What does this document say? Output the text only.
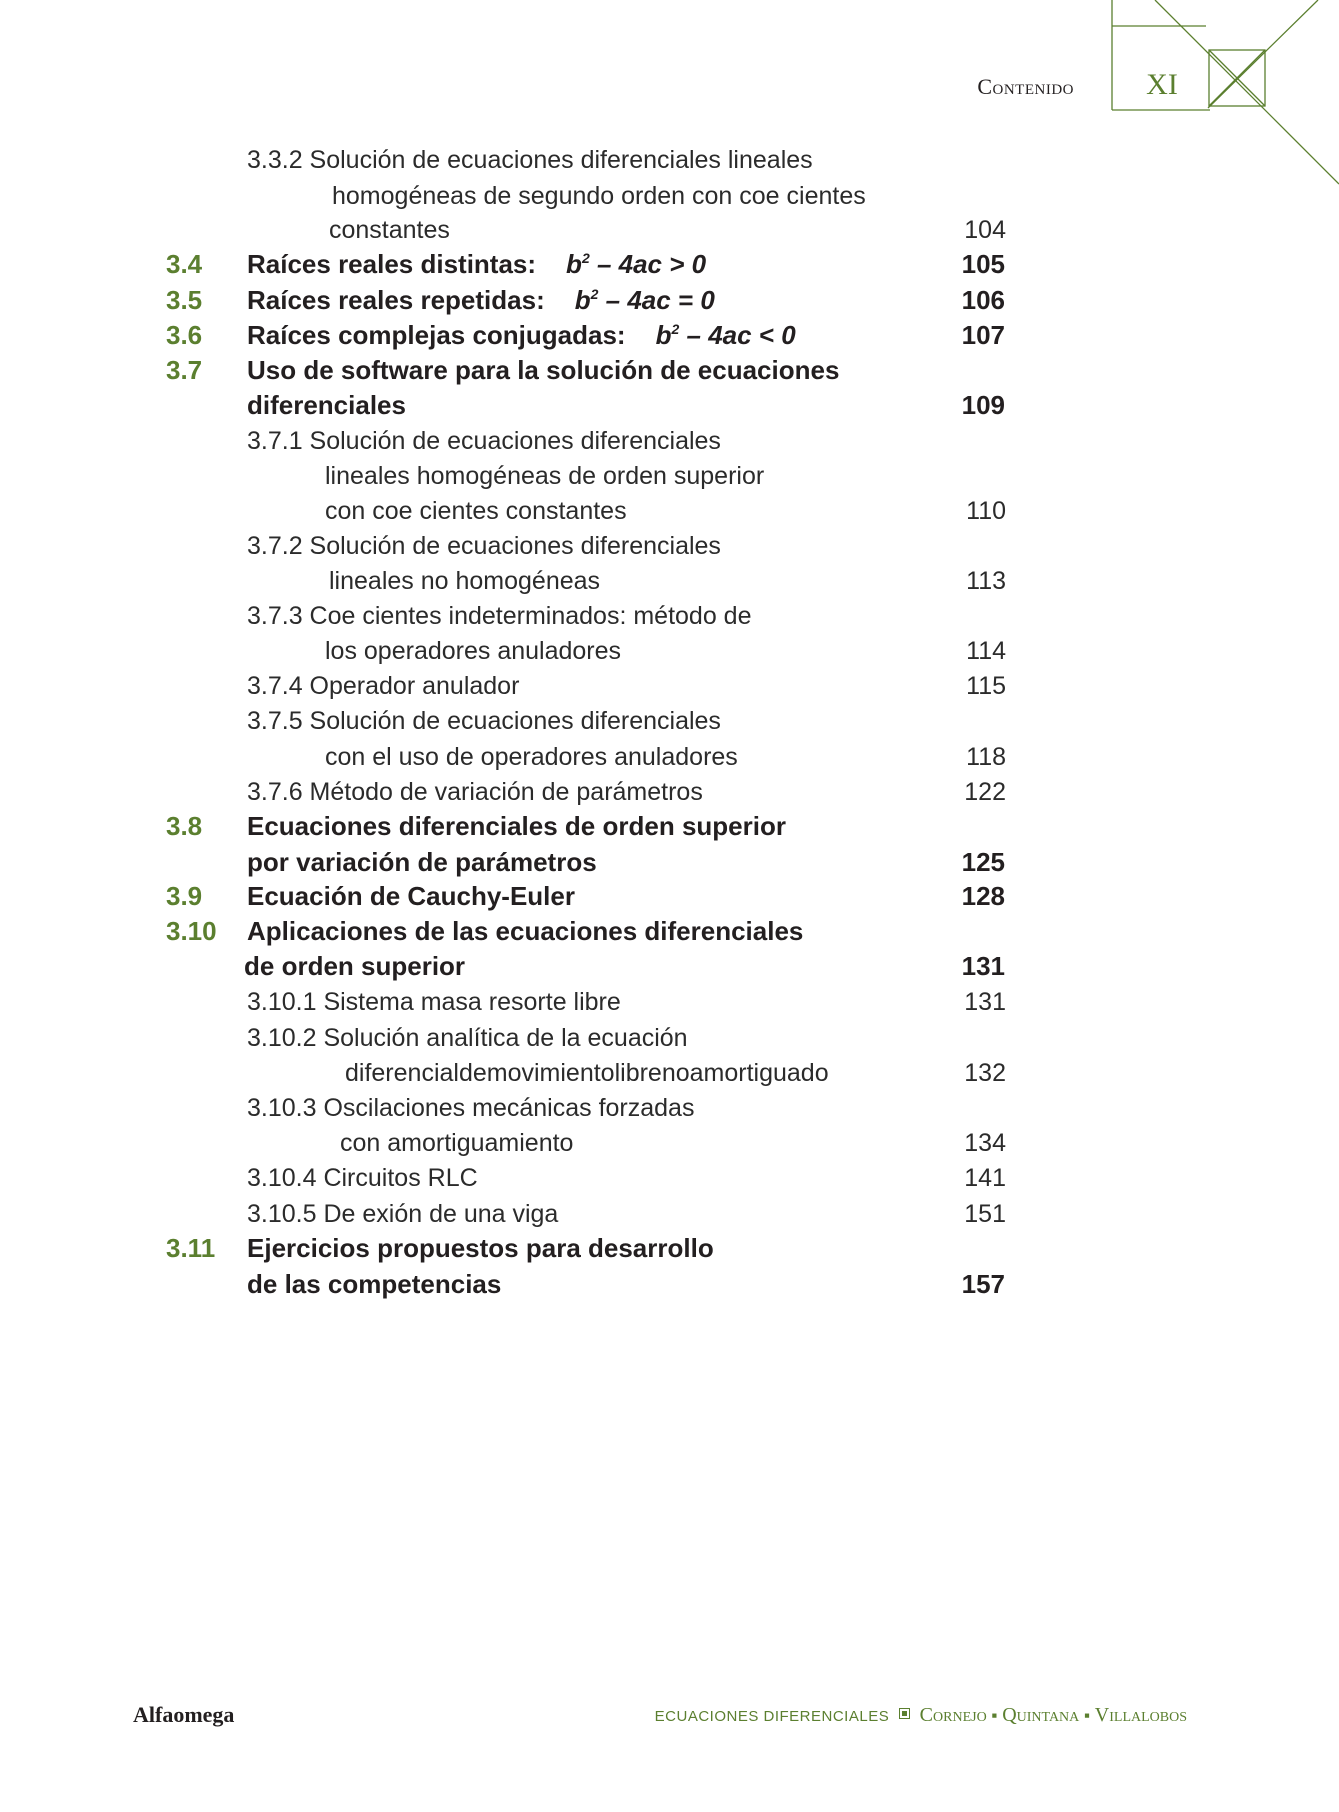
Contenido	XI
3.3.2 Solución de ecuaciones diferenciales lineales
homogéneas de segundo orden con coe cientes
constantes	104
3.4 Raíces reales distintas: $b^2 - 4ac > 0$	105
3.5 Raíces reales repetidas: $b^2 - 4ac = 0$	106
3.6 Raíces complejas conjugadas: $b^2 - 4ac < 0$	107
3.7 Uso de software para la solución de ecuaciones
diferenciales	109
3.7.1 Solución de ecuaciones diferenciales
lineales homogéneas de orden superior
con coe cientes constantes	110
3.7.2 Solución de ecuaciones diferenciales
lineales no homogéneas	113
3.7.3 Coe cientes indeterminados: método de
los operadores anuladores	114
3.7.4 Operador anulador	115
3.7.5 Solución de ecuaciones diferenciales
con el uso de operadores anuladores	118
3.7.6 Método de variación de parámetros	122
3.8 Ecuaciones diferenciales de orden superior
por variación de parámetros	125
3.9 Ecuación de Cauchy-Euler	128
3.10 Aplicaciones de las ecuaciones diferenciales
de orden superior	131
3.10.1 Sistema masa resorte libre	131
3.10.2 Solución analítica de la ecuación
diferencialdemovimientolibrenoamortiguado	132
3.10.3 Oscilaciones mecánicas forzadas
con amortiguamiento	134
3.10.4 Circuitos RLC	141
3.10.5 De exión de una viga	151
3.11 Ejercicios propuestos para desarrollo
de las competencias	157
Alfaomega	ECUACIONES DIFERENCIALES Cornejo ▪ Quintana ▪ Villalobos
